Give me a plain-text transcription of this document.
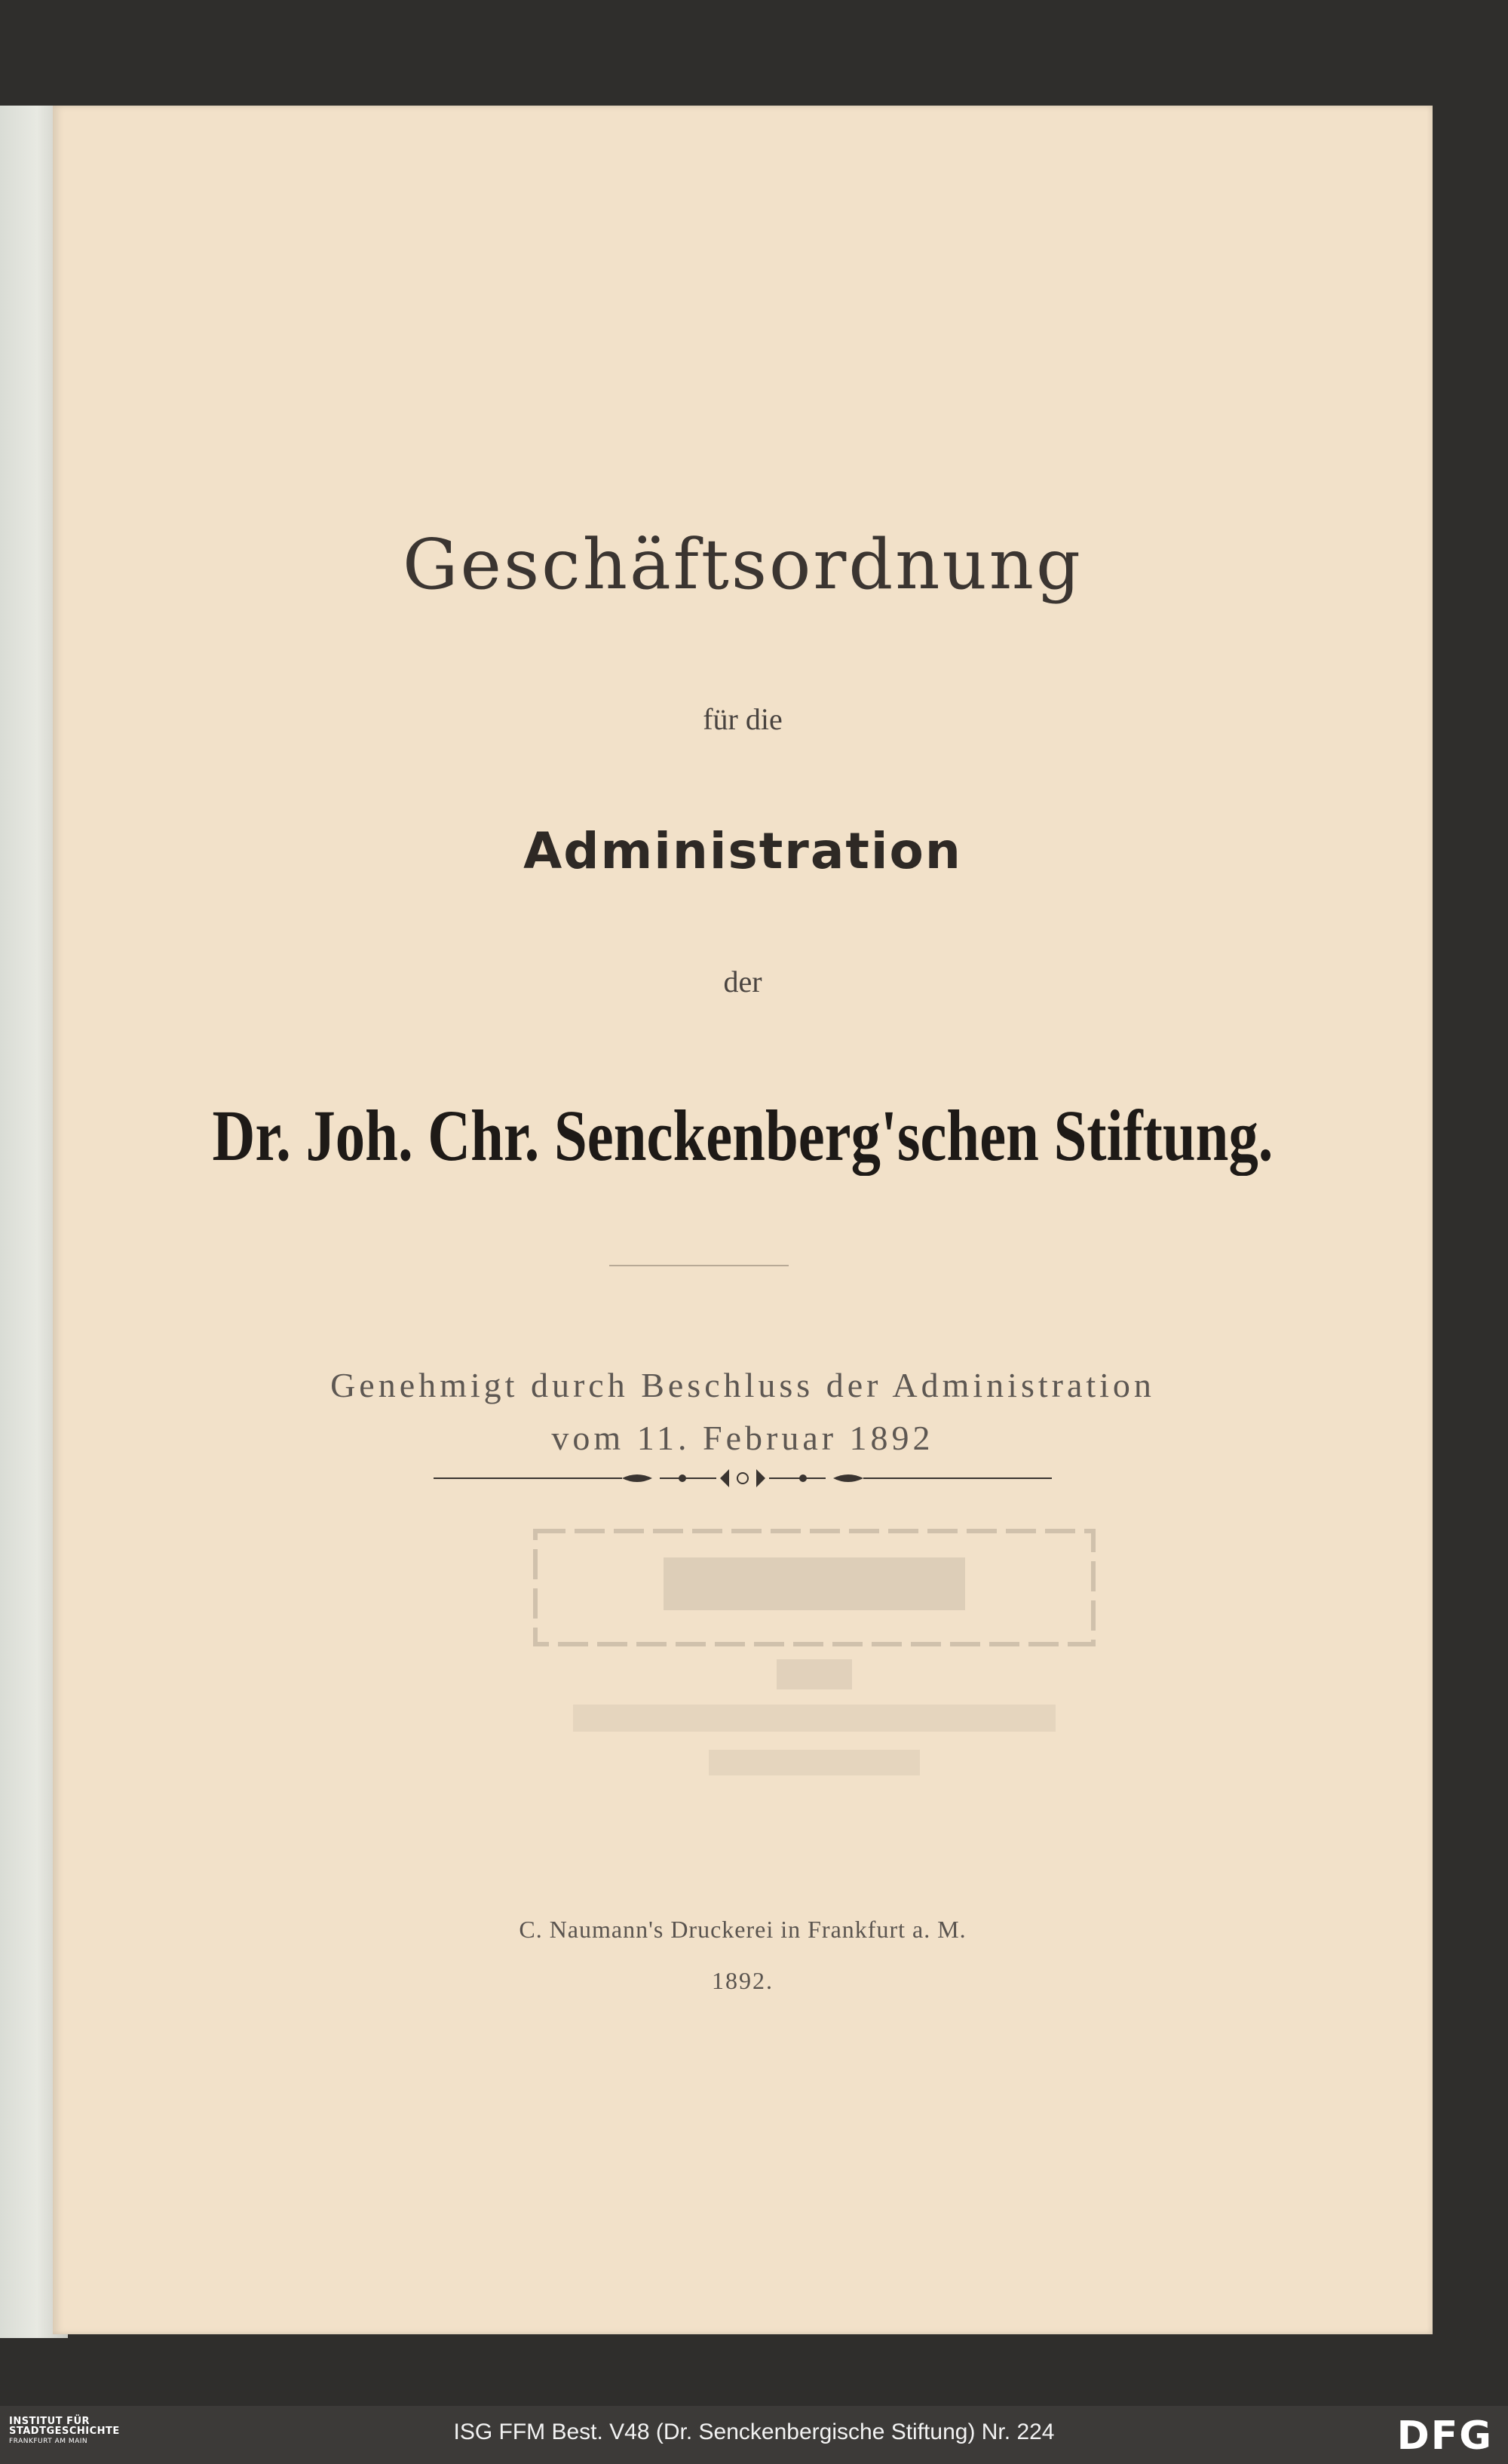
Geschäftsordnung
für die
Administration
der
Dr. Joh. Chr. Senckenberg'schen Stiftung.
Genehmigt durch Beschluss der Administration
vom 11. Februar 1892
C. Naumann's Druckerei in Frankfurt a. M.
1892.
INSTITUT FÜR
STADTGESCHICHTE
FRANKFURT AM MAIN	ISG FFM Best. V48 (Dr. Senckenbergische Stiftung) Nr. 224	DFG
